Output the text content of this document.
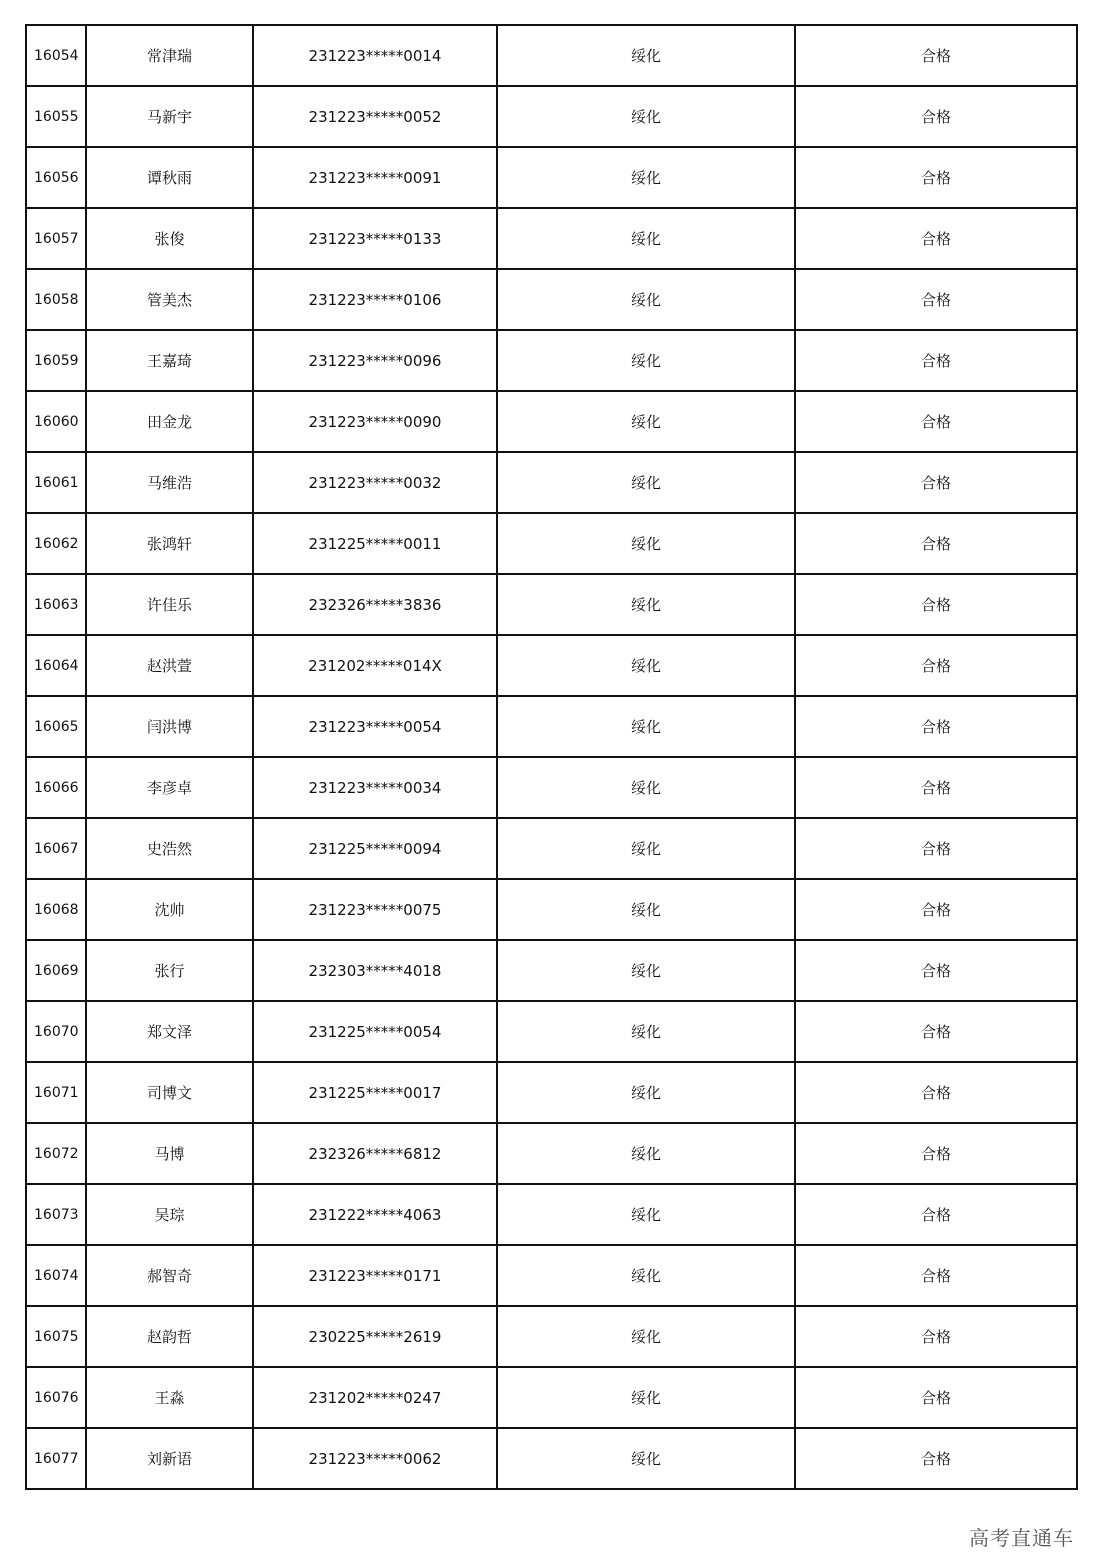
16054	常津瑞	231223*****0014	绥化	合格
16055	马新宇	231223*****0052	绥化	合格
16056	谭秋雨	231223*****0091	绥化	合格
16057	张俊	231223*****0133	绥化	合格
16058	管美杰	231223*****0106	绥化	合格
16059	王嘉琦	231223*****0096	绥化	合格
16060	田金龙	231223*****0090	绥化	合格
16061	马维浩	231223*****0032	绥化	合格
16062	张鸿轩	231225*****0011	绥化	合格
16063	许佳乐	232326*****3836	绥化	合格
16064	赵洪萱	231202*****014X	绥化	合格
16065	闫洪博	231223*****0054	绥化	合格
16066	李彦卓	231223*****0034	绥化	合格
16067	史浩然	231225*****0094	绥化	合格
16068	沈帅	231223*****0075	绥化	合格
16069	张行	232303*****4018	绥化	合格
16070	郑文泽	231225*****0054	绥化	合格
16071	司博文	231225*****0017	绥化	合格
16072	马博	232326*****6812	绥化	合格
16073	吴琮	231222*****4063	绥化	合格
16074	郝智奇	231223*****0171	绥化	合格
16075	赵韵哲	230225*****2619	绥化	合格
16076	王淼	231202*****0247	绥化	合格
16077	刘新语	231223*****0062	绥化	合格
高考直通车
